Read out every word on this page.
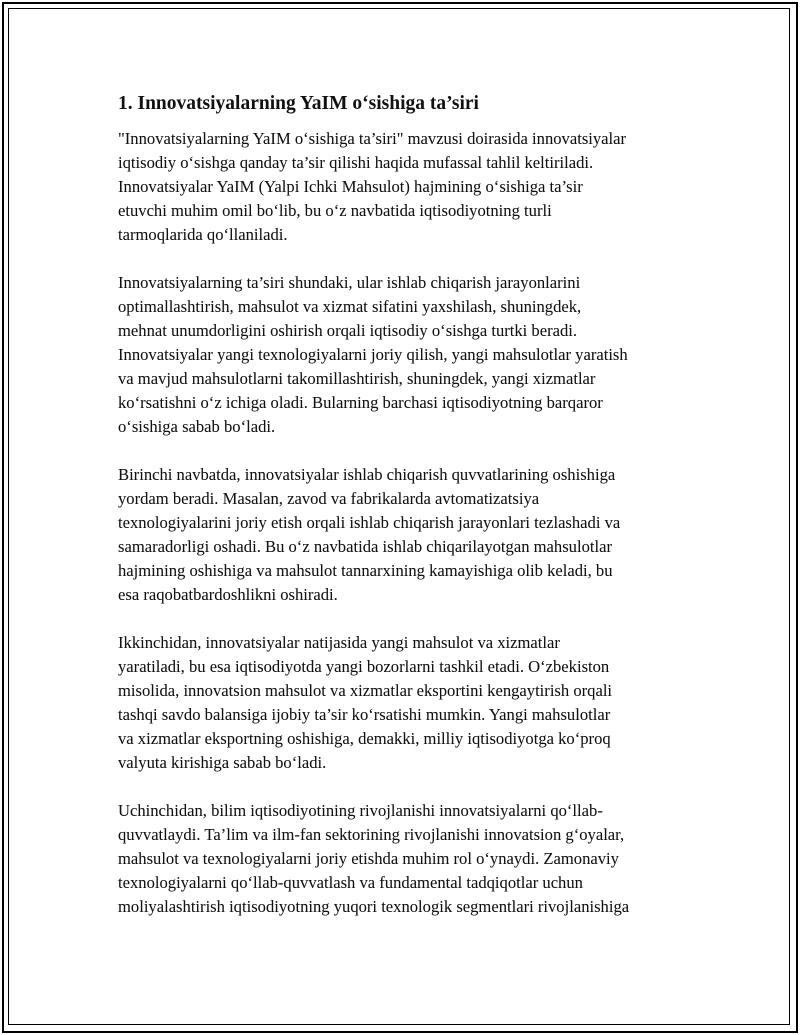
1. Innovatsiyalarning YaIM o‘sishiga ta’siri

"Innovatsiyalarning YaIM o‘sishiga ta’siri" mavzusi doirasida innovatsiyalar
iqtisodiy o‘sishga qanday ta’sir qilishi haqida mufassal tahlil keltiriladi.
Innovatsiyalar YaIM (Yalpi Ichki Mahsulot) hajmining o‘sishiga ta’sir
etuvchi muhim omil bo‘lib, bu o‘z navbatida iqtisodiyotning turli
tarmoqlarida qo‘llaniladi.

Innovatsiyalarning ta’siri shundaki, ular ishlab chiqarish jarayonlarini
optimallashtirish, mahsulot va xizmat sifatini yaxshilash, shuningdek,
mehnat unumdorligini oshirish orqali iqtisodiy o‘sishga turtki beradi.
Innovatsiyalar yangi texnologiyalarni joriy qilish, yangi mahsulotlar yaratish
va mavjud mahsulotlarni takomillashtirish, shuningdek, yangi xizmatlar
ko‘rsatishni o‘z ichiga oladi. Bularning barchasi iqtisodiyotning barqaror
o‘sishiga sabab bo‘ladi.

Birinchi navbatda, innovatsiyalar ishlab chiqarish quvvatlarining oshishiga
yordam beradi. Masalan, zavod va fabrikalarda avtomatizatsiya
texnologiyalarini joriy etish orqali ishlab chiqarish jarayonlari tezlashadi va
samaradorligi oshadi. Bu o‘z navbatida ishlab chiqarilayotgan mahsulotlar
hajmining oshishiga va mahsulot tannarxining kamayishiga olib keladi, bu
esa raqobatbardoshlikni oshiradi.

Ikkinchidan, innovatsiyalar natijasida yangi mahsulot va xizmatlar
yaratiladi, bu esa iqtisodiyotda yangi bozorlarni tashkil etadi. O‘zbekiston
misolida, innovatsion mahsulot va xizmatlar eksportini kengaytirish orqali
tashqi savdo balansiga ijobiy ta’sir ko‘rsatishi mumkin. Yangi mahsulotlar
va xizmatlar eksportning oshishiga, demakki, milliy iqtisodiyotga ko‘proq
valyuta kirishiga sabab bo‘ladi.

Uchinchidan, bilim iqtisodiyotining rivojlanishi innovatsiyalarni qo‘llab-
quvvatlaydi. Ta’lim va ilm-fan sektorining rivojlanishi innovatsion g‘oyalar,
mahsulot va texnologiyalarni joriy etishda muhim rol o‘ynaydi. Zamonaviy
texnologiyalarni qo‘llab-quvvatlash va fundamental tadqiqotlar uchun
moliyalashtirish iqtisodiyotning yuqori texnologik segmentlari rivojlanishiga
